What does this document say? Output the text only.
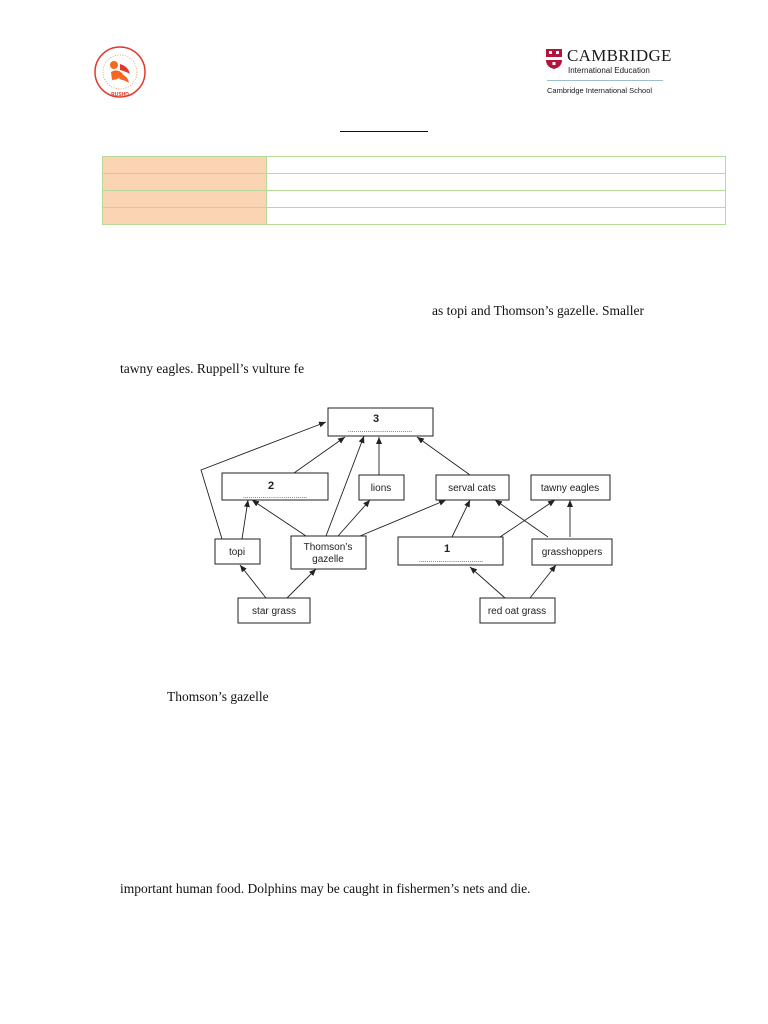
RUSHD
CAMBRIDGE
International Education
Cambridge International School

as topi and Thomson’s gazelle. Smaller
tawny eagles. Ruppell’s vulture fe
Thomson’s gazelle
important human food. Dolphins may be caught in fishermen’s nets and die.
3
.................................
2
.................................
lions	serval cats	tawny eagles
topi	Thomson’s
gazelle
1
.................................
grasshoppers
star grass	red oat grass
